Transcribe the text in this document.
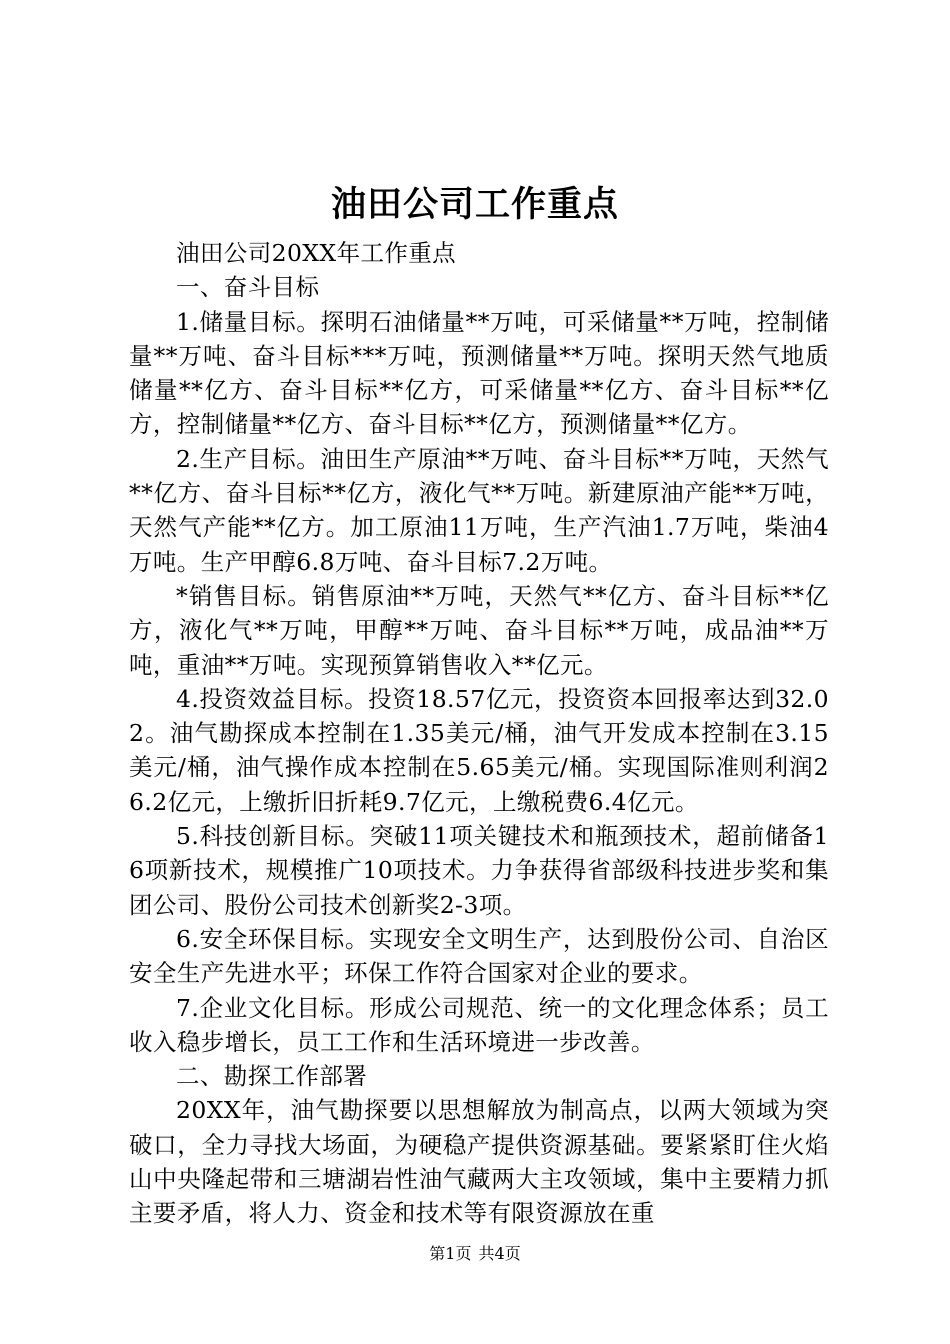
油田公司工作重点

油田公司20XX年工作重点

一、奋斗目标

1.储量目标。探明石油储量**万吨，可采储量**万吨，控制储量**万吨、奋斗目标***万吨，预测储量**万吨。探明天然气地质储量**亿方、奋斗目标**亿方，可采储量**亿方、奋斗目标**亿方，控制储量**亿方、奋斗目标**亿方，预测储量**亿方。

2.生产目标。油田生产原油**万吨、奋斗目标**万吨，天然气**亿方、奋斗目标**亿方，液化气**万吨。新建原油产能**万吨，天然气产能**亿方。加工原油11万吨，生产汽油1.7万吨，柴油4万吨。生产甲醇6.8万吨、奋斗目标7.2万吨。

*销售目标。销售原油**万吨，天然气**亿方、奋斗目标**亿方，液化气**万吨，甲醇**万吨、奋斗目标**万吨，成品油**万吨，重油**万吨。实现预算销售收入**亿元。

4.投资效益目标。投资18.57亿元，投资资本回报率达到32.02。油气勘探成本控制在1.35美元/桶，油气开发成本控制在3.15美元/桶，油气操作成本控制在5.65美元/桶。实现国际准则利润26.2亿元，上缴折旧折耗9.7亿元，上缴税费6.4亿元。

5.科技创新目标。突破11项关键技术和瓶颈技术，超前储备16项新技术，规模推广10项技术。力争获得省部级科技进步奖和集团公司、股份公司技术创新奖2-3项。

6.安全环保目标。实现安全文明生产，达到股份公司、自治区安全生产先进水平；环保工作符合国家对企业的要求。

7.企业文化目标。形成公司规范、统一的文化理念体系；员工收入稳步增长，员工工作和生活环境进一步改善。

二、勘探工作部署

20XX年，油气勘探要以思想解放为制高点，以两大领域为突破口，全力寻找大场面，为硬稳产提供资源基础。要紧紧盯住火焰山中央隆起带和三塘湖岩性油气藏两大主攻领域，集中主要精力抓主要矛盾，将人力、资金和技术等有限资源放在重

第1页 共4页
